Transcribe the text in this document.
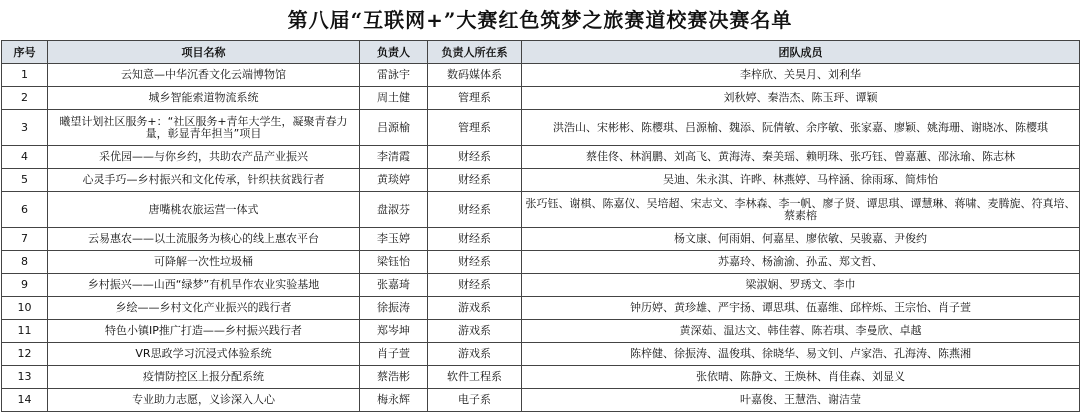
第八届“互联网+”大赛红色筑梦之旅赛道校赛决赛名单
序号	项目名称	负责人	负责人所在系	团队成员
1	云知意—中华沉香文化云端博物馆	雷詠宇	数码媒体系	李梓欣、关昊月、刘利华
2	城乡智能索道物流系统	周土健	管理系	刘秋婷、秦浩杰、陈玉玶、谭颖
3	曦望计划社区服务+：“社区服务+青年大学生，凝聚青春力量，彰显青年担当”项目	吕源榆	管理系	洪浩山、宋彬彬、陈樱琪、吕源榆、魏添、阮倩敏、余序敏、张家嘉、廖颖、姚海珊、谢晓冰、陈樱琪
4	采优园——与你乡约，共助农产品产业振兴	李清霞	财经系	蔡佳佟、林润鹏、刘高飞、黄海涛、秦美瑶、赖明珠、张巧钰、曾嘉蕙、邵泳瑜、陈志林
5	心灵手巧—乡村振兴和文化传承，针织扶贫践行者	黄琰婷	财经系	吴迪、朱永淇、许晔、林燕婷、马梓涵、徐雨琢、简炜怡
6	唐嘴桃农旅运营一体式	盘淑芬	财经系	张巧钰、谢棋、陈嘉仪、吴培超、宋志文、李林森、李一帆、廖子贤、谭思琪、谭慧琳、蒋啸、麦腾旎、符真培、蔡素榕
7	云易惠农——以土流服务为核心的线上惠农平台	李玉婷	财经系	杨文康、何雨娟、何嘉星、廖依敏、吴骏嘉、尹俊约
8	可降解一次性垃圾桶	梁钰怡	财经系	苏嘉玲、杨渝渝、孙孟、郑文哲、
9	乡村振兴——山西“绿梦”有机旱作农业实验基地	张嘉琦	财经系	梁淑娴、罗琇文、李巾
10	乡绘——乡村文化产业振兴的践行者	徐振涛	游戏系	钟历婷、黄珍雄、严宇扬、谭思琪、伍嘉维、邱梓烁、王宗怡、肖子萱
11	特色小镇IP推广打造——乡村振兴践行者	郑岑坤	游戏系	黄深茹、温达文、韩佳蓉、陈若琪、李曼欣、卓越
12	VR思政学习沉浸式体验系统	肖子萱	游戏系	陈梓健、徐振涛、温俊琪、徐晓华、易文钊、卢家浩、孔海涛、陈燕湘
13	疫情防控区上报分配系统	蔡浩彬	软件工程系	张依晴、陈静文、王焕林、肖佳森、刘显义
14	专业助力志愿，义诊深入人心	梅永辉	电子系	叶嘉俊、王慧浩、谢洁莹
